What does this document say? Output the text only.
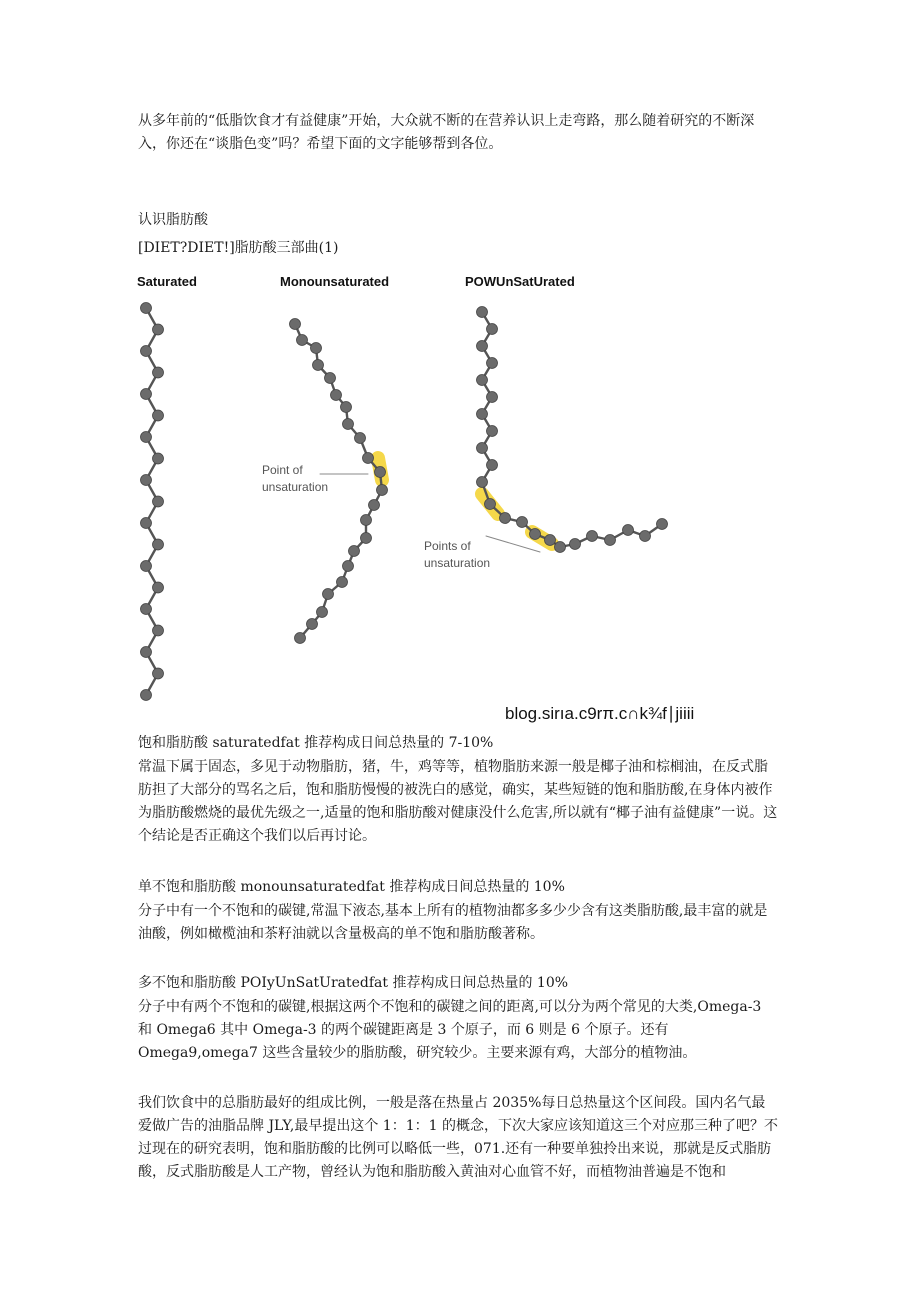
从多年前的“低脂饮食才有益健康”开始，大众就不断的在营养认识上走弯路，那么随着研究的不断深入，你还在“谈脂色变”吗？希望下面的文字能够帮到各位。

认识脂肪酸

[DIET?DIET!]脂肪酸三部曲(1)

Saturated	Monounsaturated	POWUnSatUrated
Point of
unsaturation
Points of
unsaturation
blog.sirıa.c9rπ.c∩k¾f∣jiiii

饱和脂肪酸 saturatedfat 推荐构成日间总热量的 7-10%

常温下属于固态，多见于动物脂肪，猪，牛，鸡等等，植物脂肪来源一般是椰子油和棕榈油，在反式脂肪担了大部分的骂名之后，饱和脂肪慢慢的被洗白的感觉，确实，某些短链的饱和脂肪酸,在身体内被作为脂肪酸燃烧的最优先级之一,适量的饱和脂肪酸对健康没什么危害,所以就有“椰子油有益健康”一说。这个结论是否正确这个我们以后再讨论。

单不饱和脂肪酸 monounsaturatedfat 推荐构成日间总热量的 10%

分子中有一个不饱和的碳键,常温下液态,基本上所有的植物油都多多少少含有这类脂肪酸,最丰富的就是油酸，例如橄榄油和茶籽油就以含量极高的单不饱和脂肪酸著称。

多不饱和脂肪酸 POIyUnSatUratedfat 推荐构成日间总热量的 10%

分子中有两个不饱和的碳键,根据这两个不饱和的碳键之间的距离,可以分为两个常见的大类,Omega-3 和 Omega6 其中 Omega-3 的两个碳键距离是 3 个原子，而 6 则是 6 个原子。还有 Omega9,omega7 这些含量较少的脂肪酸，研究较少。主要来源有鸡，大部分的植物油。

我们饮食中的总脂肪最好的组成比例，一般是落在热量占 2035%每日总热量这个区间段。国内名气最爱做广告的油脂品牌 JLY,最早提出这个 1：1：1 的概念，下次大家应该知道这三个对应那三种了吧？不过现在的研究表明，饱和脂肪酸的比例可以略低一些，071.还有一种要单独拎出来说，那就是反式脂肪酸，反式脂肪酸是人工产物，曾经认为饱和脂肪酸入黄油对心血管不好，而植物油普遍是不饱和
